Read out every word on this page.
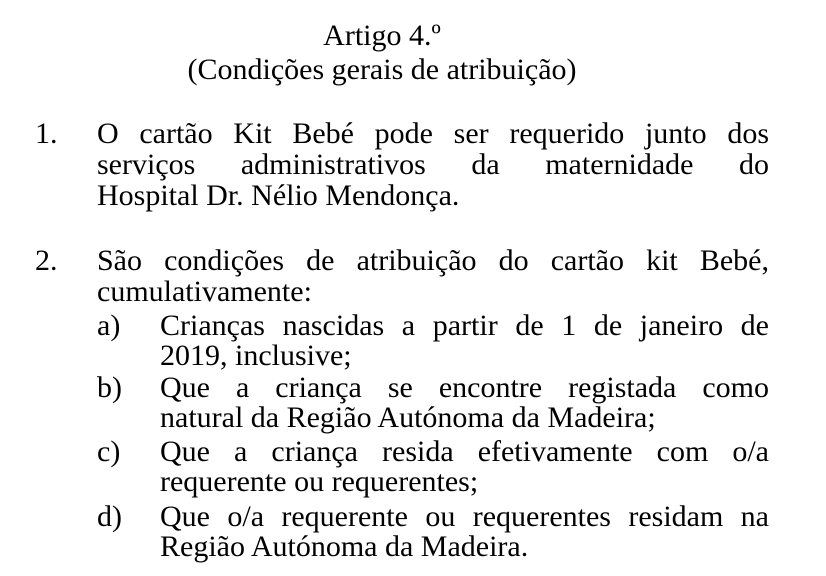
Artigo 4.º
(Condições gerais de atribuição)
1. O cartão Kit Bebé pode ser requerido junto dos
serviços administrativos da maternidade do
Hospital Dr. Nélio Mendonça.
2. São condições de atribuição do cartão kit Bebé,
cumulativamente:
a) Crianças nascidas a partir de 1 de janeiro de
2019, inclusive;
b) Que a criança se encontre registada como
natural da Região Autónoma da Madeira;
c) Que a criança resida efetivamente com o/a
requerente ou requerentes;
d) Que o/a requerente ou requerentes residam na
Região Autónoma da Madeira.
